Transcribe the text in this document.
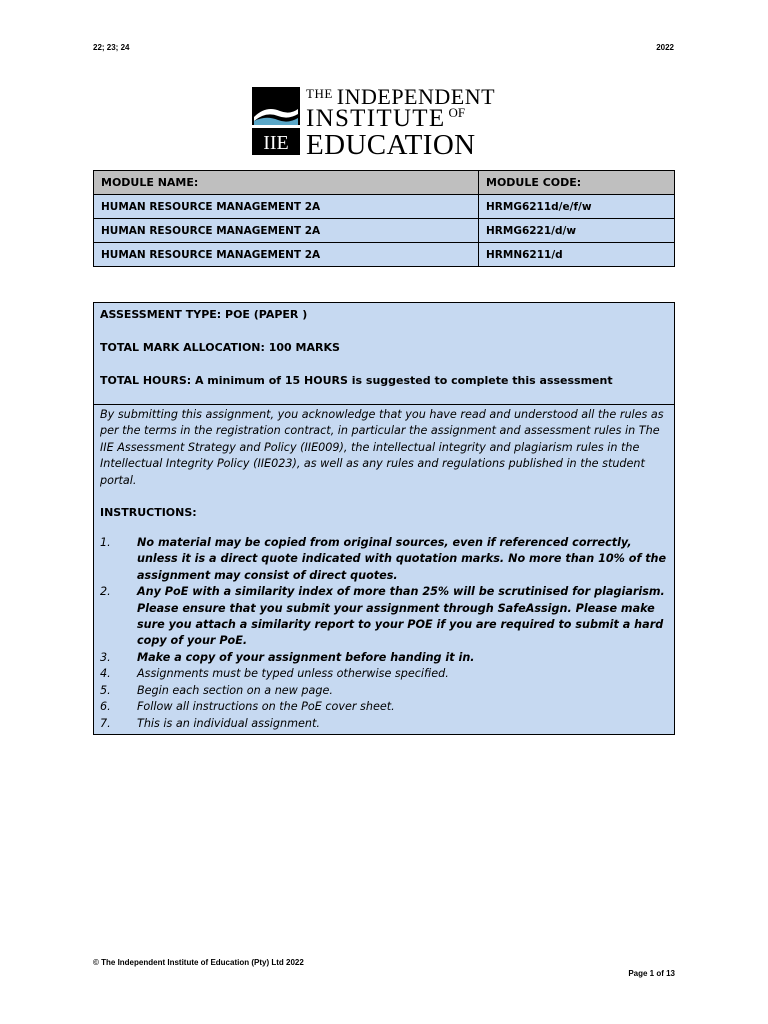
22; 23; 24	2022
IIE
$^{THE}$ INDEPENDENT
INSTITUTE $^{OF}$
EDUCATION
MODULE NAME:	MODULE CODE:
HUMAN RESOURCE MANAGEMENT 2A	HRMG6211d/e/f/w
HUMAN RESOURCE MANAGEMENT 2A	HRMG6221/d/w
HUMAN RESOURCE MANAGEMENT 2A	HRMN6211/d
ASSESSMENT TYPE: POE (PAPER )
TOTAL MARK ALLOCATION: 100 MARKS
TOTAL HOURS: A minimum of 15 HOURS is suggested to complete this assessment

By submitting this assignment, you acknowledge that you have read and understood all the rules as per the terms in the registration contract, in particular the assignment and assessment rules in The IIE Assessment Strategy and Policy (IIE009), the intellectual integrity and plagiarism rules in the Intellectual Integrity Policy (IIE023), as well as any rules and regulations published in the student portal.

INSTRUCTIONS:
1. No material may be copied from original sources, even if referenced correctly, unless it is a direct quote indicated with quotation marks. No more than 10% of the assignment may consist of direct quotes.
2. Any PoE with a similarity index of more than 25% will be scrutinised for plagiarism. Please ensure that you submit your assignment through SafeAssign. Please make sure you attach a similarity report to your POE if you are required to submit a hard copy of your PoE.
3. Make a copy of your assignment before handing it in.
4. Assignments must be typed unless otherwise specified.
5. Begin each section on a new page.
6. Follow all instructions on the PoE cover sheet.
7. This is an individual assignment.
© The Independent Institute of Education (Pty) Ltd 2022
Page 1 of 13
